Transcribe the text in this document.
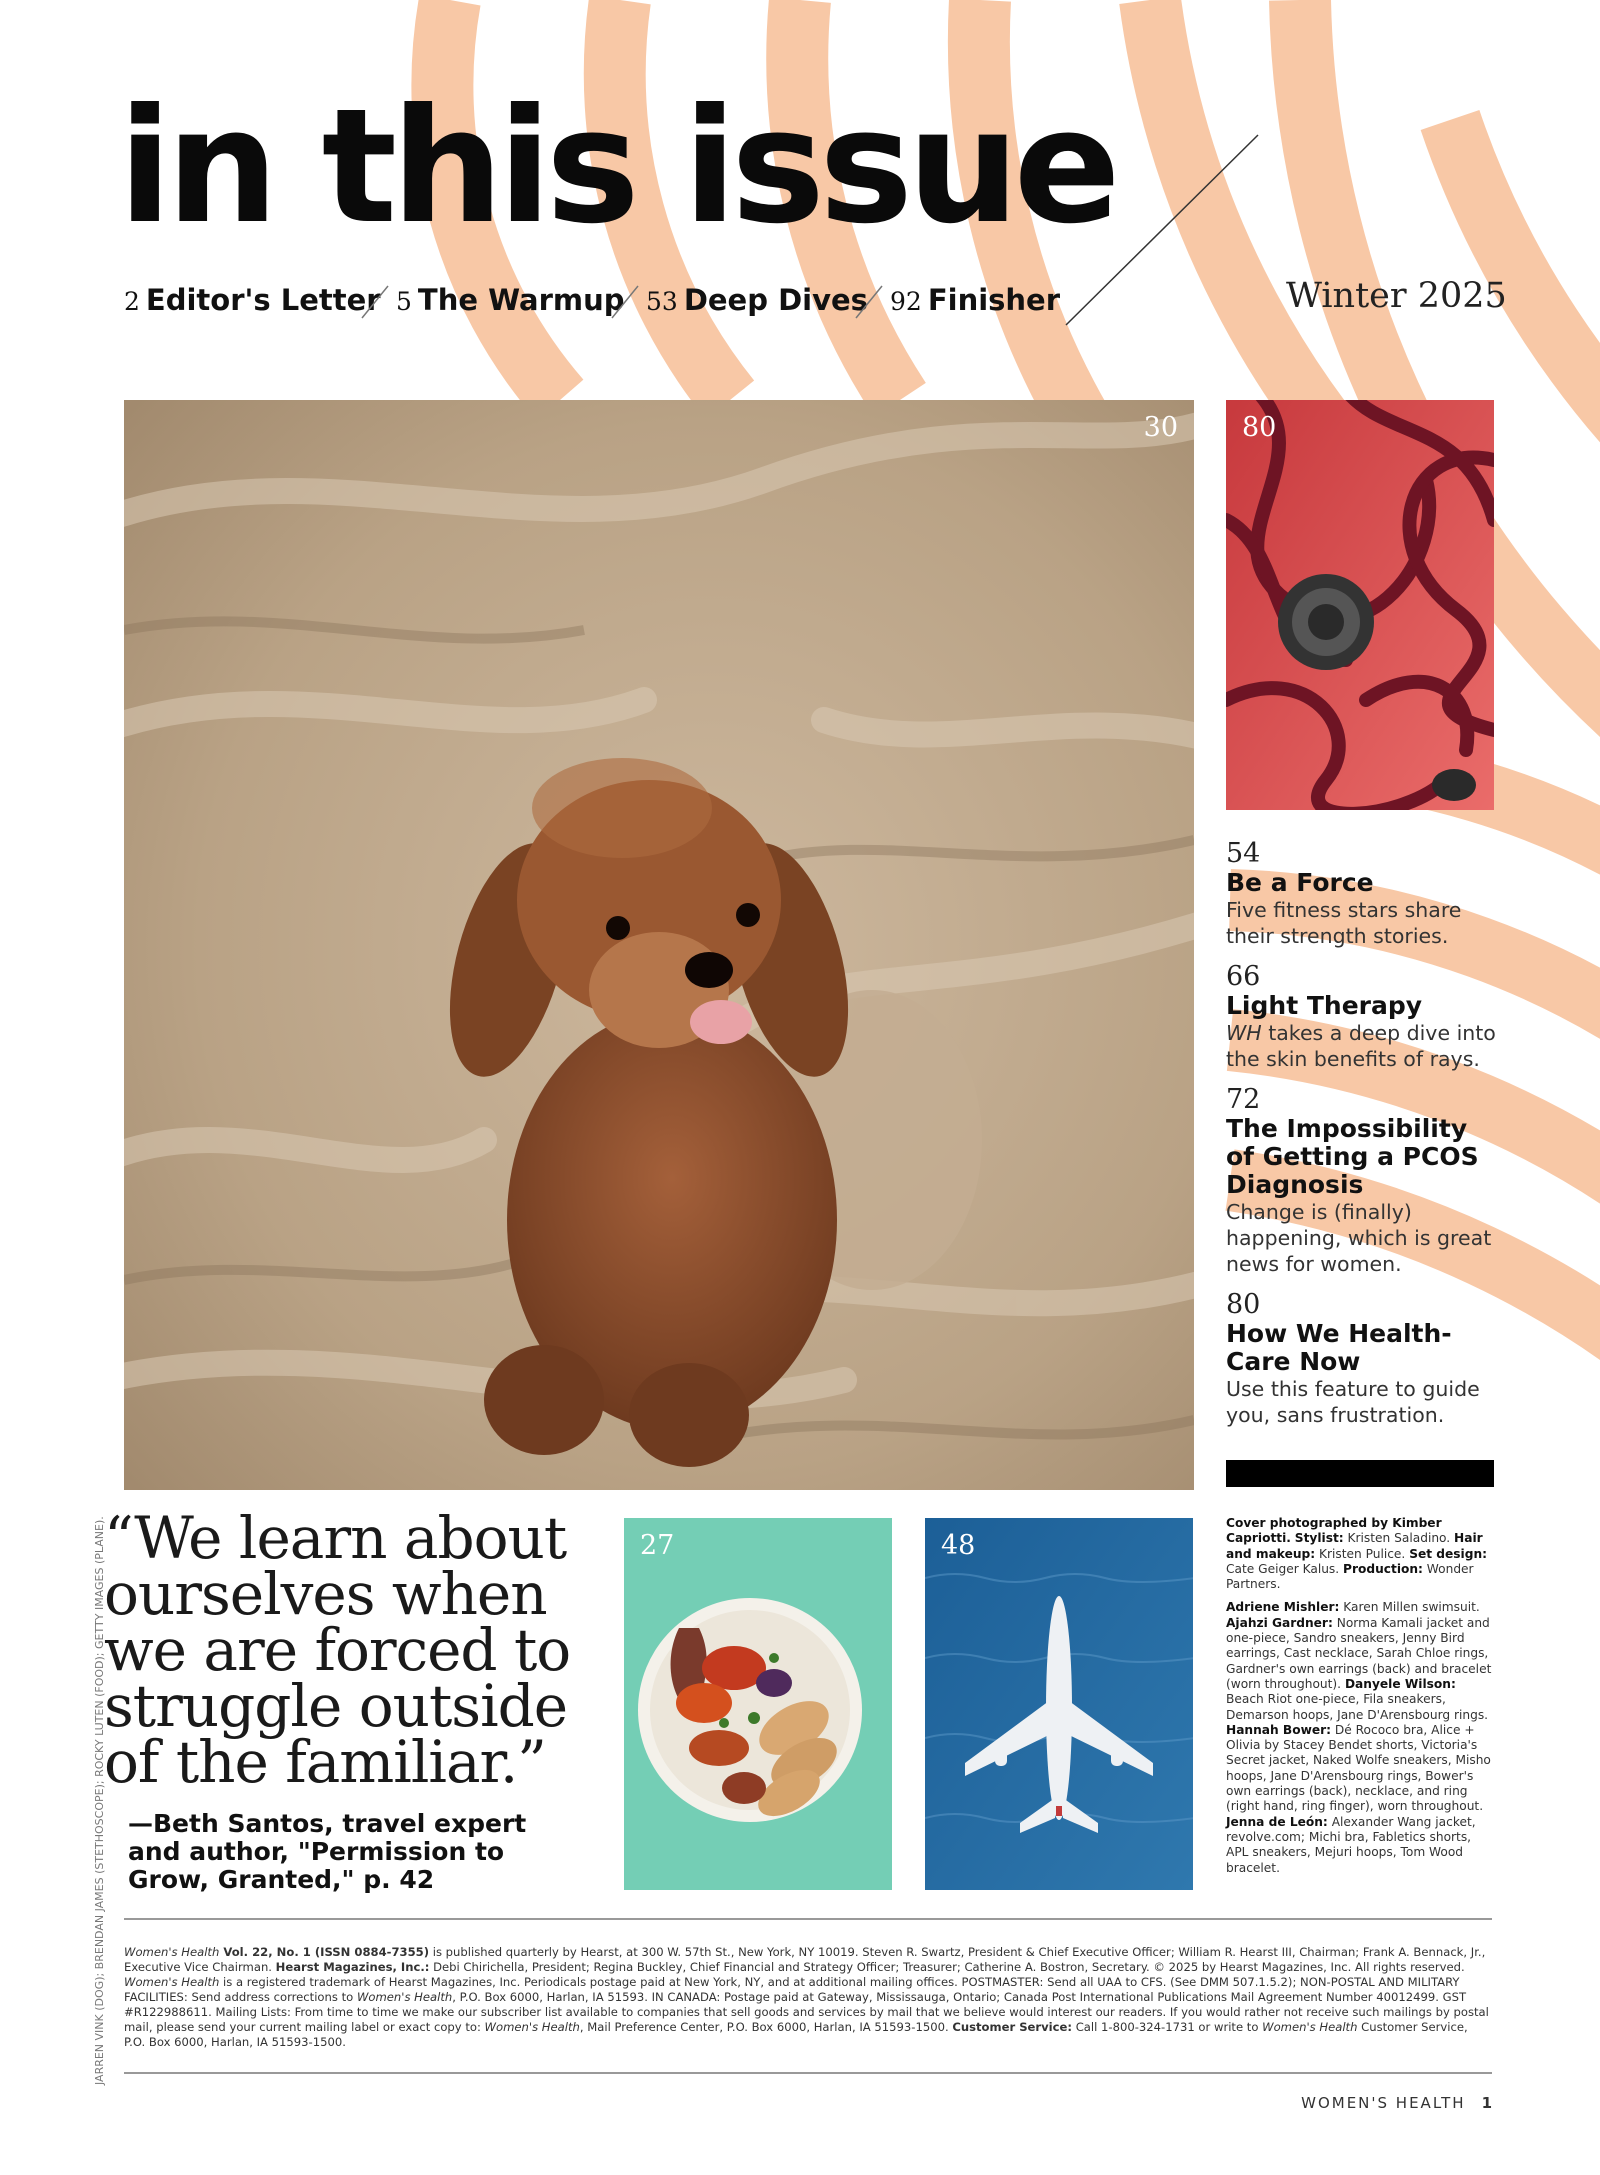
in this issue
2 Editor's Letter 5 The Warmup 53 Deep Dives 92 Finisher	Winter 2025
30 80
54
Be a Force
Five fitness stars share their strength stories.
66
Light Therapy
WH takes a deep dive into the skin benefits of rays.
72
The Impossibility of Getting a PCOS Diagnosis
Change is (finally) happening, which is great news for women.
80
How We Health-Care Now
Use this feature to guide you, sans frustration.
“We learn about ourselves when we are forced to struggle outside of the familiar.”
—Beth Santos, travel expert and author, "Permission to Grow, Granted," p. 42
JARREN VINK (DOG); BRENDAN JAMES (STETHOSCOPE); ROCKY LUTEN (FOOD); GETTY IMAGES (PLANE).	27	48

Cover photographed by Kimber Capriotti. Stylist: Kristen Saladino. Hair and makeup: Kristen Pulice. Set design: Cate Geiger Kalus. Production: Wonder Partners.

Adriene Mishler: Karen Millen swimsuit. Ajahzi Gardner: Norma Kamali jacket and one-piece, Sandro sneakers, Jenny Bird earrings, Cast necklace, Sarah Chloe rings, Gardner's own earrings (back) and bracelet (worn throughout). Danyele Wilson: Beach Riot one-piece, Fila sneakers, Demarson hoops, Jane D'Arensbourg rings. Hannah Bower: Dé Rococo bra, Alice + Olivia by Stacey Bendet shorts, Victoria's Secret jacket, Naked Wolfe sneakers, Misho hoops, Jane D'Arensbourg rings, Bower's own earrings (back), necklace, and ring (right hand, ring finger), worn throughout. Jenna de León: Alexander Wang jacket, revolve.com; Michi bra, Fabletics shorts, APL sneakers, Mejuri hoops, Tom Wood bracelet.

Women's Health Vol. 22, No. 1 (ISSN 0884-7355) is published quarterly by Hearst, at 300 W. 57th St., New York, NY 10019. Steven R. Swartz, President & Chief Executive Officer; William R. Hearst III, Chairman; Frank A. Bennack, Jr., Executive Vice Chairman. Hearst Magazines, Inc.: Debi Chirichella, President; Regina Buckley, Chief Financial and Strategy Officer; Treasurer; Catherine A. Bostron, Secretary. © 2025 by Hearst Magazines, Inc. All rights reserved. Women's Health is a registered trademark of Hearst Magazines, Inc. Periodicals postage paid at New York, NY, and at additional mailing offices. POSTMASTER: Send all UAA to CFS. (See DMM 507.1.5.2); NON-POSTAL AND MILITARY FACILITIES: Send address corrections to Women's Health, P.O. Box 6000, Harlan, IA 51593. IN CANADA: Postage paid at Gateway, Mississauga, Ontario; Canada Post International Publications Mail Agreement Number 40012499. GST #R122988611. Mailing Lists: From time to time we make our subscriber list available to companies that sell goods and services by mail that we believe would interest our readers. If you would rather not receive such mailings by postal mail, please send your current mailing label or exact copy to: Women's Health, Mail Preference Center, P.O. Box 6000, Harlan, IA 51593-1500. Customer Service: Call 1-800-324-1731 or write to Women's Health Customer Service, P.O. Box 6000, Harlan, IA 51593-1500.
WOMEN'S HEALTH 1
